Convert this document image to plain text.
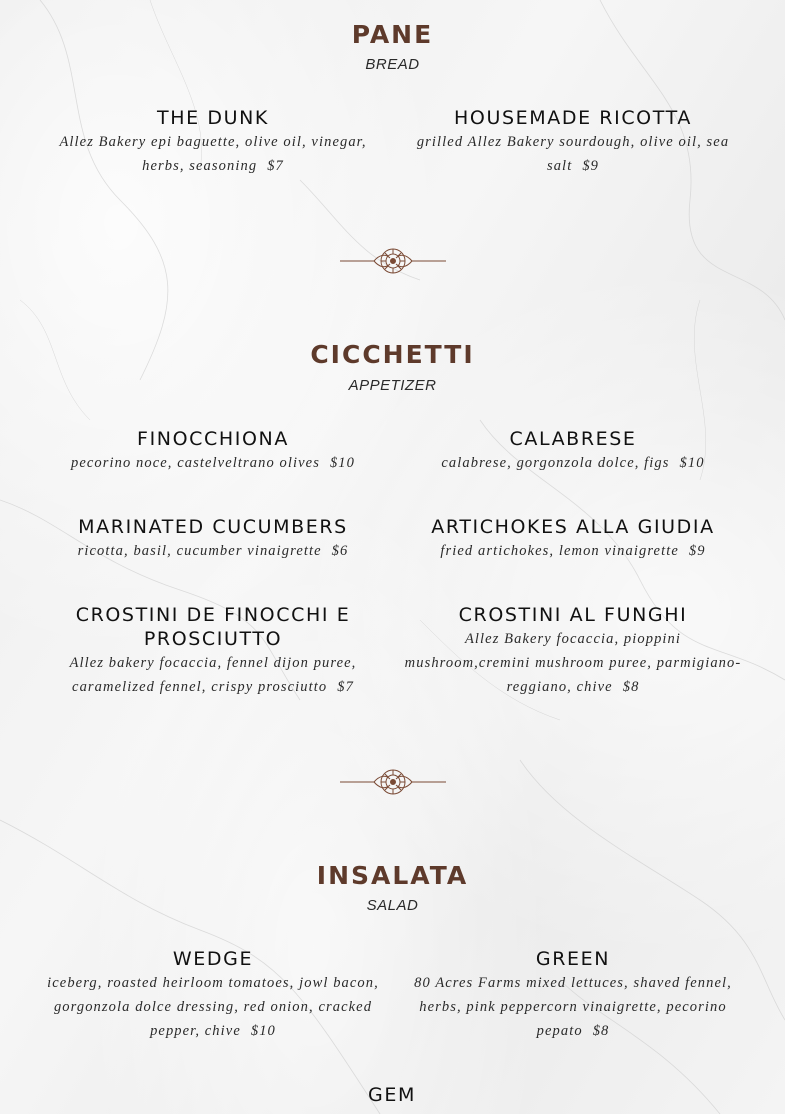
PANE
BREAD
THE DUNK

Allez Bakery epi baguette, olive oil, vinegar, herbs, seasoning $7

HOUSEMADE RICOTTA

grilled Allez Bakery sourdough, olive oil, sea salt $9

CICCHETTI
APPETIZER
FINOCCHIONA

pecorino noce, castelveltrano olives $10

CALABRESE

calabrese, gorgonzola dolce, figs $10

MARINATED CUCUMBERS

ricotta, basil, cucumber vinaigrette $6

ARTICHOKES ALLA GIUDIA

fried artichokes, lemon vinaigrette $9

CROSTINI DE FINOCCHI E PROSCIUTTO

Allez bakery focaccia, fennel dijon puree, caramelized fennel, crispy prosciutto $7

CROSTINI AL FUNGHI

Allez Bakery focaccia, pioppini mushroom,cremini mushroom puree, parmigiano-reggiano, chive $8

INSALATA
SALAD
WEDGE

iceberg, roasted heirloom tomatoes, jowl bacon, gorgonzola dolce dressing, red onion, cracked pepper, chive $10

GREEN

80 Acres Farms mixed lettuces, shaved fennel, herbs, pink peppercorn vinaigrette, pecorino pepato $8

GEM
